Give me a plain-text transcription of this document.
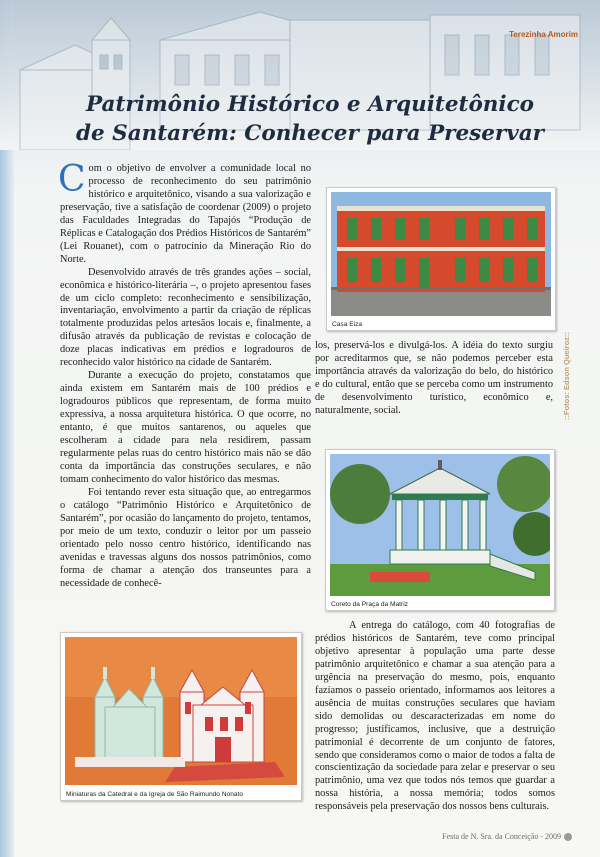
Terezinha Amorim
Patrimônio Histórico e Arquitetônico
de Santarém: Conhecer para Preservar

Com o objetivo de envolver a comunidade local no processo de reconhecimento do seu patrimônio histórico e arquitetônico, visando a sua valorização e preservação, tive a satisfação de coordenar (2009) o projeto das Faculdades Integradas do Tapajós “Produção de Réplicas e Catalogação dos Prédios Históricos de Santarém” (Lei Rouanet), com o patrocínio da Mineração Rio do Norte.

Desenvolvido através de três grandes ações – social, econômica e histórico-literária –, o projeto apresentou fases de um ciclo completo: reconhecimento e sensibilização, inventariação, envolvimento a partir da criação de réplicas totalmente produzidas pelos artesãos locais e, finalmente, a difusão através da publicação de revistas e colocação de doze placas indicativas em prédios e logradouros de reconhecido valor histórico na cidade de Santarém.

Durante a execução do projeto, constatamos que ainda existem em Santarém mais de 100 prédios e logradouros públicos que representam, de forma muito expressiva, a nossa arquitetura histórica. O que ocorre, no entanto, é que muitos santarenos, ou aqueles que escolheram a cidade para nela residirem, passam regularmente pelas ruas do centro histórico mais não se dão conta da importância das construções seculares, e não tomam conhecimento do valor histórico das mesmas.

Foi tentando rever esta situação que, ao entregarmos o catálogo “Patrimônio Histórico e Arquitetônico de Santarém”, por ocasião do lançamento do projeto, tentamos, por meio de um texto, conduzir o leitor por um passeio orientado pelo nosso centro histórico, identificando nas avenidas e travessas alguns dos nossos patrimônios, como forma de chamar a atenção dos transeuntes para a necessidade de conhecê-

los, preservá-los e divulgá-los. A idéia do texto surgiu por acreditarmos que, se não podemos perceber esta importância através da valorização do belo, do histórico e do cultural, então que se perceba como um instrumento de desenvolvimento turístico, econômico e, naturalmente, social.

A entrega do catálogo, com 40 fotografias de prédios históricos de Santarém, teve como principal objetivo apresentar à população uma parte desse patrimônio arquitetônico e chamar a sua atenção para a urgência na preservação do mesmo, pois, enquanto fazíamos o passeio orientado, informamos aos leitores a ausência de muitas construções seculares que haviam sido demolidas ou descaracterizadas em nome do progresso; justificamos, inclusive, que a destruição patrimonial é decorrente de um conjunto de fatores, sendo que consideramos como o maior de todos a falta de conscientização da sociedade para zelar e preservar o seu patrimônio, uma vez que todos nós temos que guardar a nossa história, a nossa memória; todos somos responsáveis pela preservação dos nossos bens culturais.

Casa Eiza
Coreto da Praça da Matriz
Miniaturas da Catedral e da Igreja de São Raimundo Nonato
::Fotos: Edson Queiroz::
Festa de N. Sra. da Conceição - 2009
